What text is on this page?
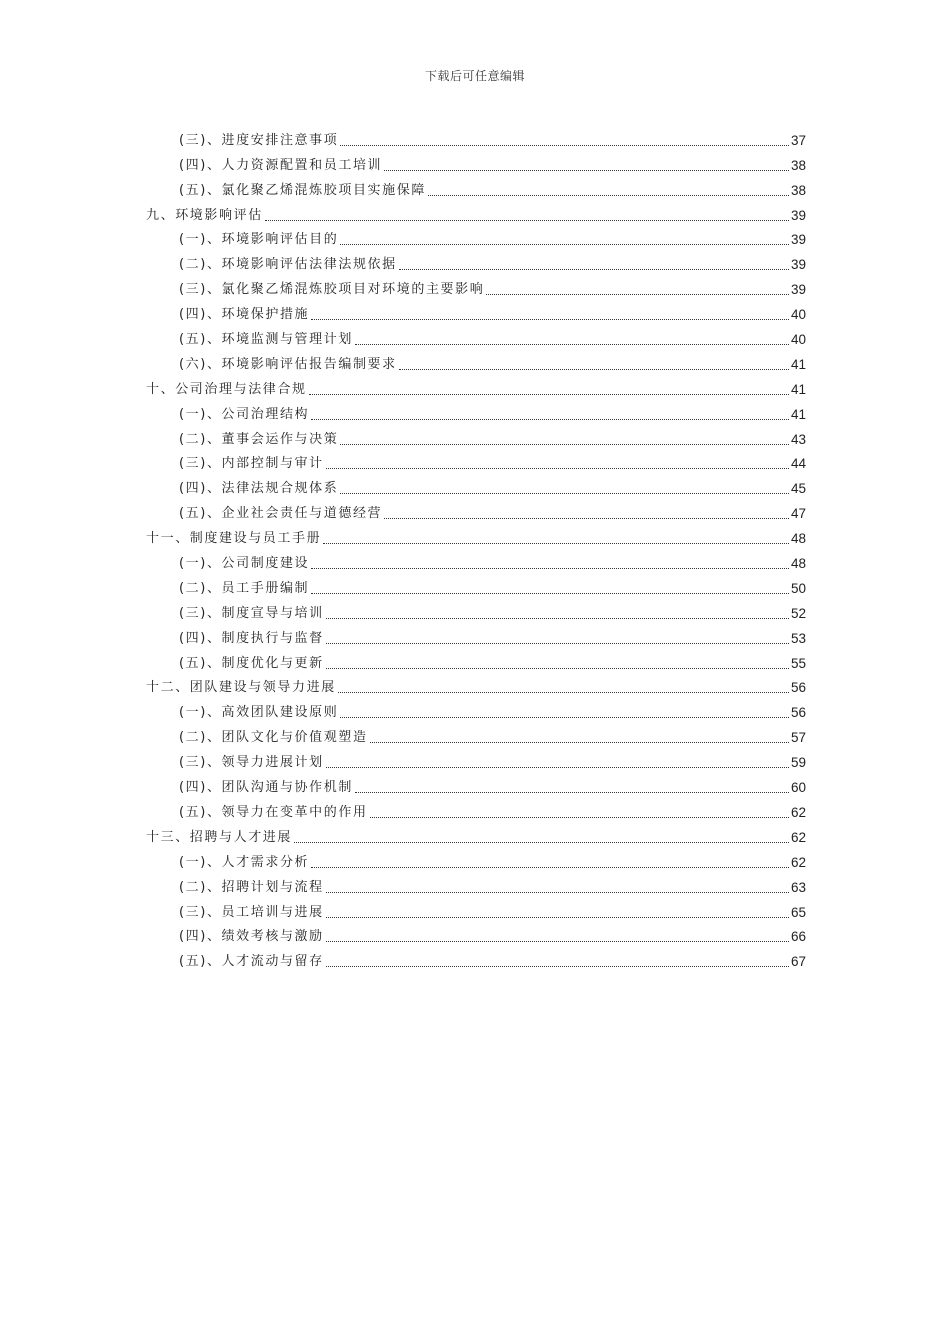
下载后可任意编辑
(三)、进度安排注意事项	37
(四)、人力资源配置和员工培训	38
(五)、氯化聚乙烯混炼胶项目实施保障	38
九、环境影响评估	39
(一)、环境影响评估目的	39
(二)、环境影响评估法律法规依据	39
(三)、氯化聚乙烯混炼胶项目对环境的主要影响	39
(四)、环境保护措施	40
(五)、环境监测与管理计划	40
(六)、环境影响评估报告编制要求	41
十、公司治理与法律合规	41
(一)、公司治理结构	41
(二)、董事会运作与决策	43
(三)、内部控制与审计	44
(四)、法律法规合规体系	45
(五)、企业社会责任与道德经营	47
十一、制度建设与员工手册	48
(一)、公司制度建设	48
(二)、员工手册编制	50
(三)、制度宣导与培训	52
(四)、制度执行与监督	53
(五)、制度优化与更新	55
十二、团队建设与领导力进展	56
(一)、高效团队建设原则	56
(二)、团队文化与价值观塑造	57
(三)、领导力进展计划	59
(四)、团队沟通与协作机制	60
(五)、领导力在变革中的作用	62
十三、招聘与人才进展	62
(一)、人才需求分析	62
(二)、招聘计划与流程	63
(三)、员工培训与进展	65
(四)、绩效考核与激励	66
(五)、人才流动与留存	67
